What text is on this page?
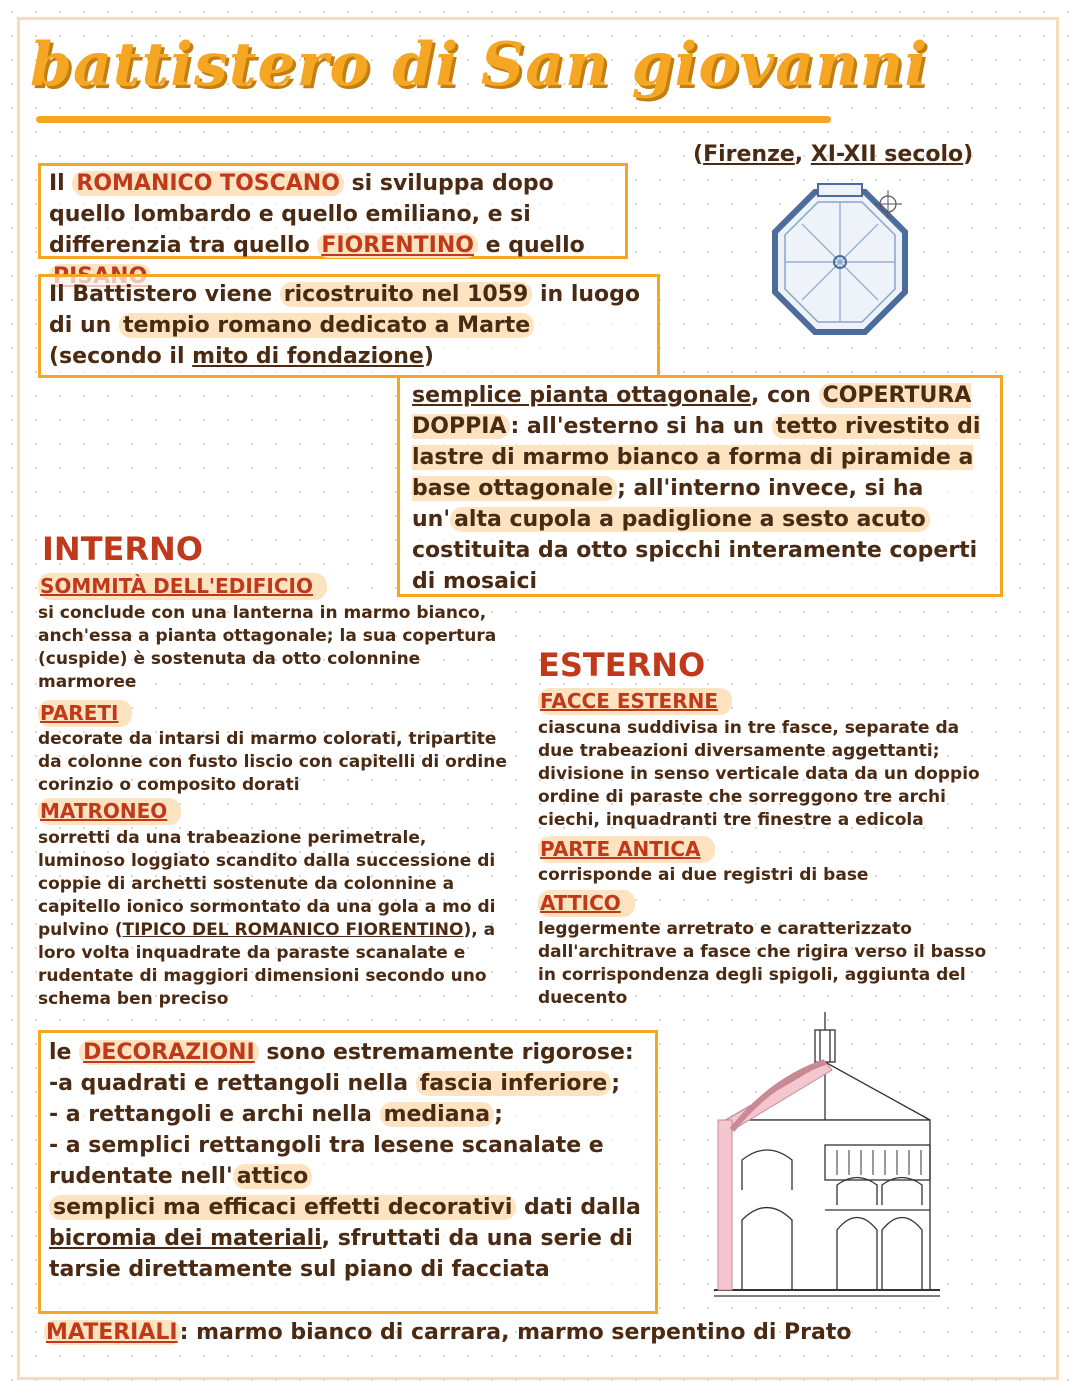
battistero di San giovanni
(Firenze, XI-XII secolo)

Il ROMANICO TOSCANO si sviluppa dopo quello lombardo e quello emiliano, e si differenzia tra quello FIORENTINO e quello

Il Battistero viene ricostruito nel 1059 in luogo di un tempio romano dedicato a Marte (secondo il mito di fondazione)

semplice pianta ottagonale, con COPERTURA DOPPIA : all'esterno si ha un tetto rivestito di lastre di marmo bianco a forma di piramide a base ottagonale ; all'interno invece, si ha un' alta cupola a padiglione a sesto acuto costituita da otto spicchi interamente coperti di mosaici

INTERNO
SOMMITÀ DELL'EDIFICIO

si conclude con una lanterna in marmo bianco, anch'essa a pianta ottagonale; la sua copertura (cuspide) è sostenuta da otto colonnine marmoree

PARETI

decorate da intarsi di marmo colorati, tripartite da colonne con fusto liscio con capitelli di ordine corinzio o composito dorati

MATRONEO

sorretti da una trabeazione perimetrale, luminoso loggiato scandito dalla successione di coppie di archetti sostenute da colonnine a capitello ionico sormontato da una gola a mo di pulvino (TIPICO DEL ROMANICO FIORENTINO), a loro volta inquadrate da paraste scanalate e rudentate di maggiori dimensioni secondo uno schema ben preciso

ESTERNO
FACCE ESTERNE

ciascuna suddivisa in tre fasce, separate da due trabeazioni diversamente aggettanti; divisione in senso verticale data da un doppio ordine di paraste che sorreggono tre archi ciechi, inquadranti tre finestre a edicola

PARTE ANTICA

corrisponde ai due registri di base

ATTICO

leggermente arretrato e caratterizzato dall'architrave a fasce che rigira verso il basso in corrispondenza degli spigoli, aggiunta del duecento

le DECORAZIONI sono estremamente rigorose:

-a quadrati e rettangoli nella fascia inferiore ;

- a rettangoli e archi nella mediana ;

- a semplici rettangoli tra lesene scanalate e rudentate nell' attico

semplici ma efficaci effetti decorativi dati dalla bicromia dei materiali, sfruttati da una serie di tarsie direttamente sul piano di facciata

MATERIALI: marmo bianco di carrara, marmo serpentino di Prato
